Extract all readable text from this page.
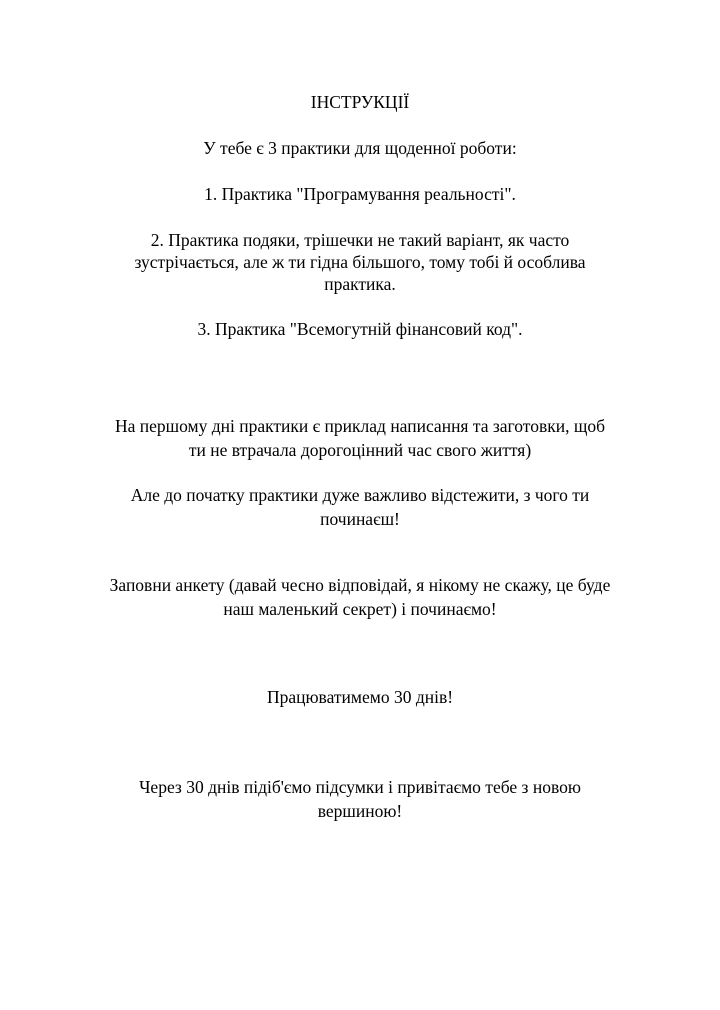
ІНСТРУКЦІЇ
У тебе є 3 практики для щоденної роботи:
1. Практика "Програмування реальності".
2. Практика подяки, трішечки не такий варіант, як часто
зустрічається, але ж ти гідна більшого, тому тобі й особлива
практика.
3. Практика "Всемогутній фінансовий код".
На першому дні практики є приклад написання та заготовки, щоб
ти не втрачала дорогоцінний час свого життя)
Але до початку практики дуже важливо відстежити, з чого ти
починаєш!
Заповни анкету (давай чесно відповідай, я нікому не скажу, це буде
наш маленький секрет) і починаємо!
Працюватимемо 30 днів!
Через 30 днів підіб'ємо підсумки і привітаємо тебе з новою
вершиною!
